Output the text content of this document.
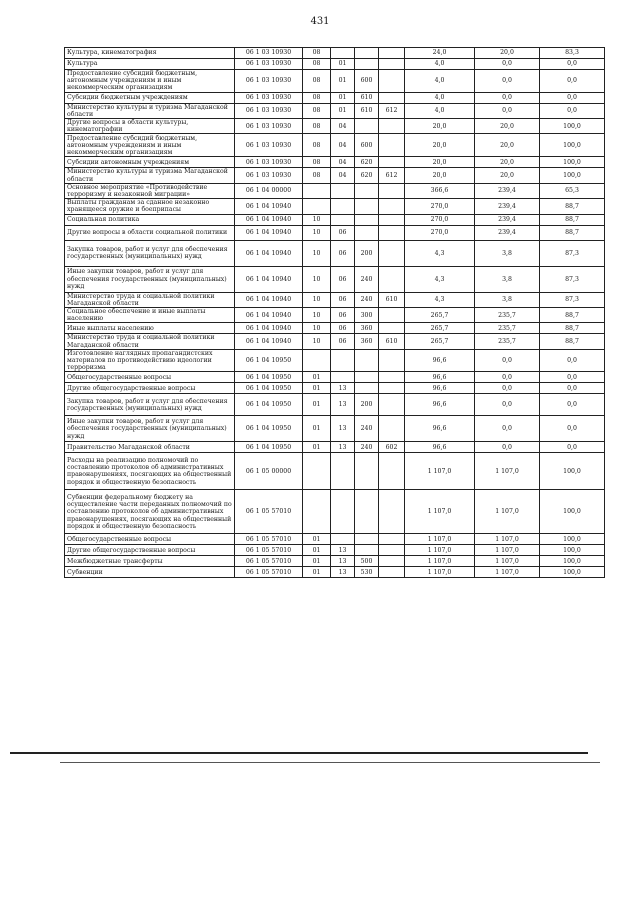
431
Культура, кинематография	06 1 03 10930	08				24,0	20,0	83,3
Культура	06 1 03 10930	08	01			4,0	0,0	0,0
Предоставление субсидий бюджетным, автономным учреждениям и иным некоммерческим организациям	06 1 03 10930	08	01	600		4,0	0,0	0,0
Субсидии бюджетным учреждениям	06 1 03 10930	08	01	610		4,0	0,0	0,0
Министерство культуры и туризма Магаданской области	06 1 03 10930	08	01	610	612	4,0	0,0	0,0
Другие вопросы в области культуры, кинематографии	06 1 03 10930	08	04			20,0	20,0	100,0
Предоставление субсидий бюджетным, автономным учреждениям и иным некоммерческим организациям	06 1 03 10930	08	04	600		20,0	20,0	100,0
Субсидии автономным учреждениям	06 1 03 10930	08	04	620		20,0	20,0	100,0
Министерство культуры и туризма Магаданской области	06 1 03 10930	08	04	620	612	20,0	20,0	100,0
Основное мероприятие «Противодействие терроризму и незаконной миграции»	06 1 04 00000					366,6	239,4	65,3
Выплаты гражданам за сданное незаконно хранящееся оружие и боеприпасы	06 1 04 10940					270,0	239,4	88,7
Социальная политика	06 1 04 10940	10				270,0	239,4	88,7
Другие вопросы в области социальной политики	06 1 04 10940	10	06			270,0	239,4	88,7
Закупка товаров, работ и услуг для обеспечения государственных (муниципальных) нужд	06 1 04 10940	10	06	200		4,3	3,8	87,3
Иные закупки товаров, работ и услуг для обеспечения государственных (муниципальных) нужд	06 1 04 10940	10	06	240		4,3	3,8	87,3
Министерство труда и социальной политики Магаданской области	06 1 04 10940	10	06	240	610	4,3	3,8	87,3
Социальное обеспечение и иные выплаты населению	06 1 04 10940	10	06	300		265,7	235,7	88,7
Иные выплаты населению	06 1 04 10940	10	06	360		265,7	235,7	88,7
Министерство труда и социальной политики Магаданской области	06 1 04 10940	10	06	360	610	265,7	235,7	88,7
Изготовление наглядных пропагандистских материалов по противодействию идеологии терроризма	06 1 04 10950					96,6	0,0	0,0
Общегосударственные вопросы	06 1 04 10950	01				96,6	0,0	0,0
Другие общегосударственные вопросы	06 1 04 10950	01	13			96,6	0,0	0,0
Закупка товаров, работ и услуг для обеспечения государственных (муниципальных) нужд	06 1 04 10950	01	13	200		96,6	0,0	0,0
Иные закупки товаров, работ и услуг для обеспечения государственных (муниципальных) нужд	06 1 04 10950	01	13	240		96,6	0,0	0,0
Правительство Магаданской области	06 1 04 10950	01	13	240	602	96,6	0,0	0,0
Расходы на реализацию полномочий по составлению протоколов об административных правонарушениях, посягающих на общественный порядок и общественную безопасность	06 1 05 00000					1 107,0	1 107,0	100,0
Субвенции федеральному бюджету на осуществление части переданных полномочий по составлению протоколов об административных правонарушениях, посягающих на общественный порядок и общественную безопасность	06 1 05 57010					1 107,0	1 107,0	100,0
Общегосударственные вопросы	06 1 05 57010	01				1 107,0	1 107,0	100,0
Другие общегосударственные вопросы	06 1 05 57010	01	13			1 107,0	1 107,0	100,0
Межбюджетные трансферты	06 1 05 57010	01	13	500		1 107,0	1 107,0	100,0
Субвенции	06 1 05 57010	01	13	530		1 107,0	1 107,0	100,0
